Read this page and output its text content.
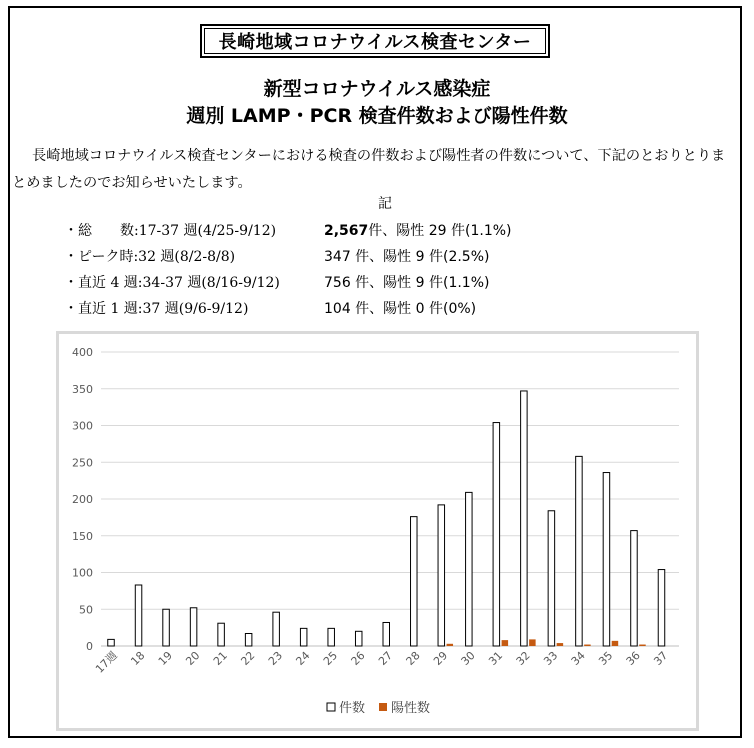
長崎地域コロナウイルス検査センター
新型コロナウイルス感染症
週別 LAMP・PCR 検査件数および陽性件数
長崎地域コロナウイルス検査センターにおける検査の件数および陽性者の件数について、下記のとおりとりまとめましたのでお知らせいたします。
記
・総　　数:17-37 週(4/25-9/12)	2,567件、陽性 29 件(1.1%)
・ピーク時:32 週(8/2-8/8)	347 件、陽性 9 件(2.5%)
・直近 4 週:34-37 週(8/16-9/12)	756 件、陽性 9 件(1.1%)
・直近 1 週:37 週(9/6-9/12)	104 件、陽性 0 件(0%)
0
50
100
150
200
250
300
350
400
17週 18 19 20 21 22 23 24 25 26 27 28 29 30 31 32 33 34 35 36 37
件数 陽性数
